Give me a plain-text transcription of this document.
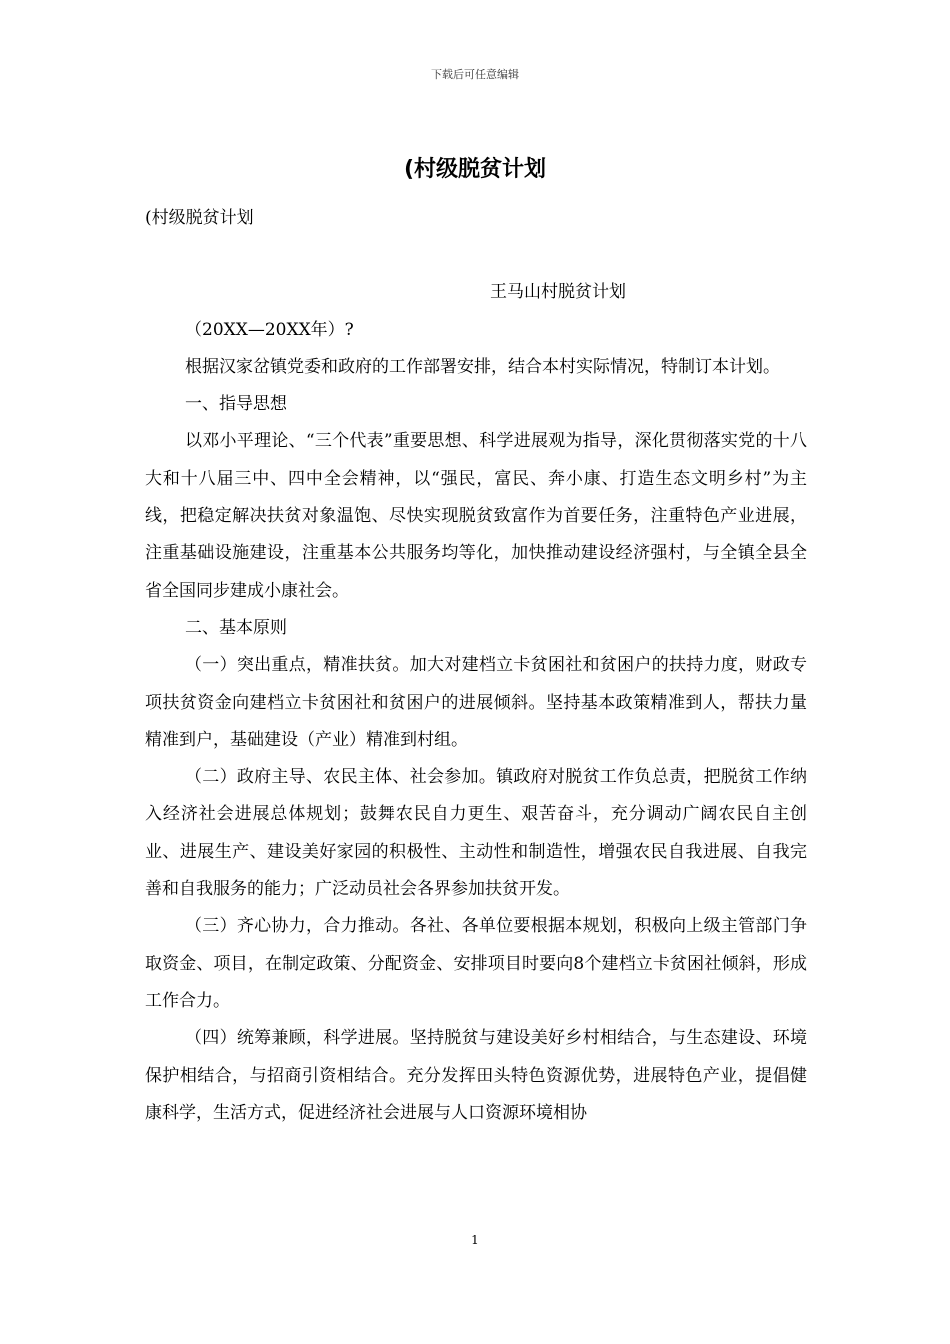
下载后可任意编辑
(村级脱贫计划

(村级脱贫计划

王马山村脱贫计划

（20XX—20XX年）?

根据汉家岔镇党委和政府的工作部署安排，结合本村实际情况，特制订本计划。

一、指导思想

以邓小平理论、“三个代表”重要思想、科学进展观为指导，深化贯彻落实党的十八大和十八届三中、四中全会精神，以“强民，富民、奔小康、打造生态文明乡村”为主线，把稳定解决扶贫对象温饱、尽快实现脱贫致富作为首要任务，注重特色产业进展，注重基础设施建设，注重基本公共服务均等化，加快推动建设经济强村，与全镇全县全省全国同步建成小康社会。

二、基本原则

（一）突出重点，精准扶贫。加大对建档立卡贫困社和贫困户的扶持力度，财政专项扶贫资金向建档立卡贫困社和贫困户的进展倾斜。坚持基本政策精准到人，帮扶力量精准到户，基础建设（产业）精准到村组。

（二）政府主导、农民主体、社会参加。镇政府对脱贫工作负总责，把脱贫工作纳入经济社会进展总体规划；鼓舞农民自力更生、艰苦奋斗，充分调动广阔农民自主创业、进展生产、建设美好家园的积极性、主动性和制造性，增强农民自我进展、自我完善和自我服务的能力；广泛动员社会各界参加扶贫开发。

（三）齐心协力，合力推动。各社、各单位要根据本规划，积极向上级主管部门争取资金、项目，在制定政策、分配资金、安排项目时要向8个建档立卡贫困社倾斜，形成工作合力。

（四）统筹兼顾，科学进展。坚持脱贫与建设美好乡村相结合，与生态建设、环境保护相结合，与招商引资相结合。充分发挥田头特色资源优势，进展特色产业，提倡健康科学，生活方式，促进经济社会进展与人口资源环境相协

1
